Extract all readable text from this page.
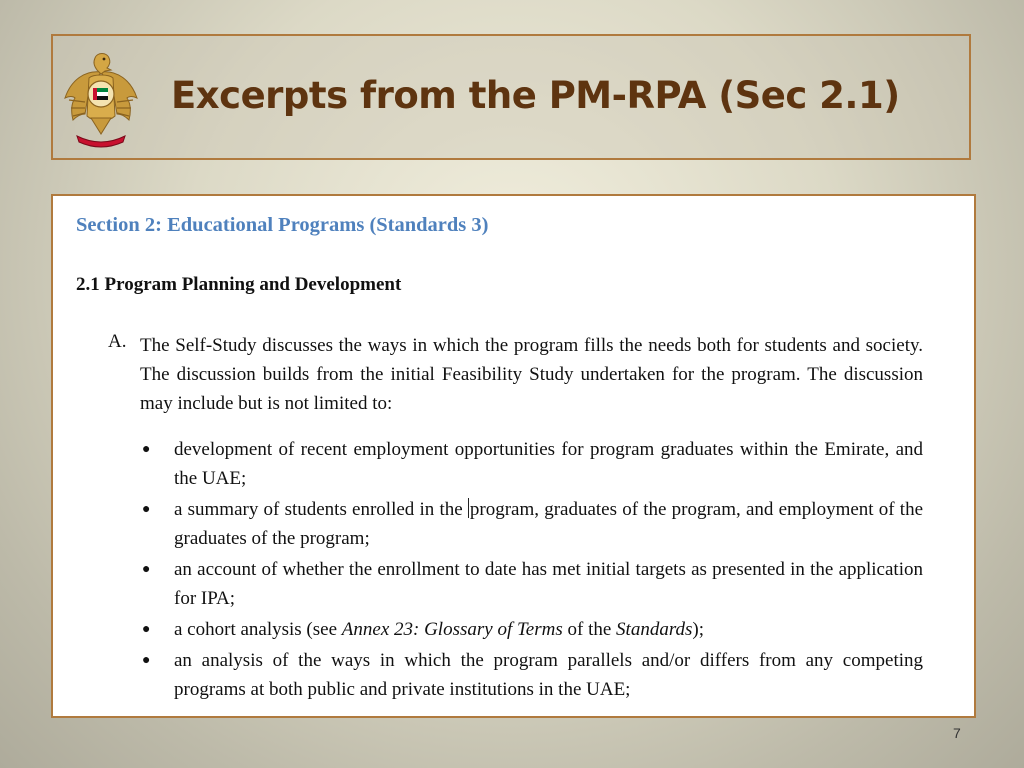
Excerpts from the PM-RPA (Sec 2.1)

Section 2: Educational Programs (Standards 3)

2.1 Program Planning and Development

A. The Self-Study discusses the ways in which the program fills the needs both for students and society. The discussion builds from the initial Feasibility Study undertaken for the program. The discussion may include but is not limited to:

● development of recent employment opportunities for program graduates within the Emirate, and the UAE;
● a summary of students enrolled in the program, graduates of the program, and employment of the graduates of the program;
● an account of whether the enrollment to date has met initial targets as presented in the application for IPA;
● a cohort analysis (see Annex 23: Glossary of Terms of the Standards);
● an analysis of the ways in which the program parallels and/or differs from any competing programs at both public and private institutions in the UAE;

7
